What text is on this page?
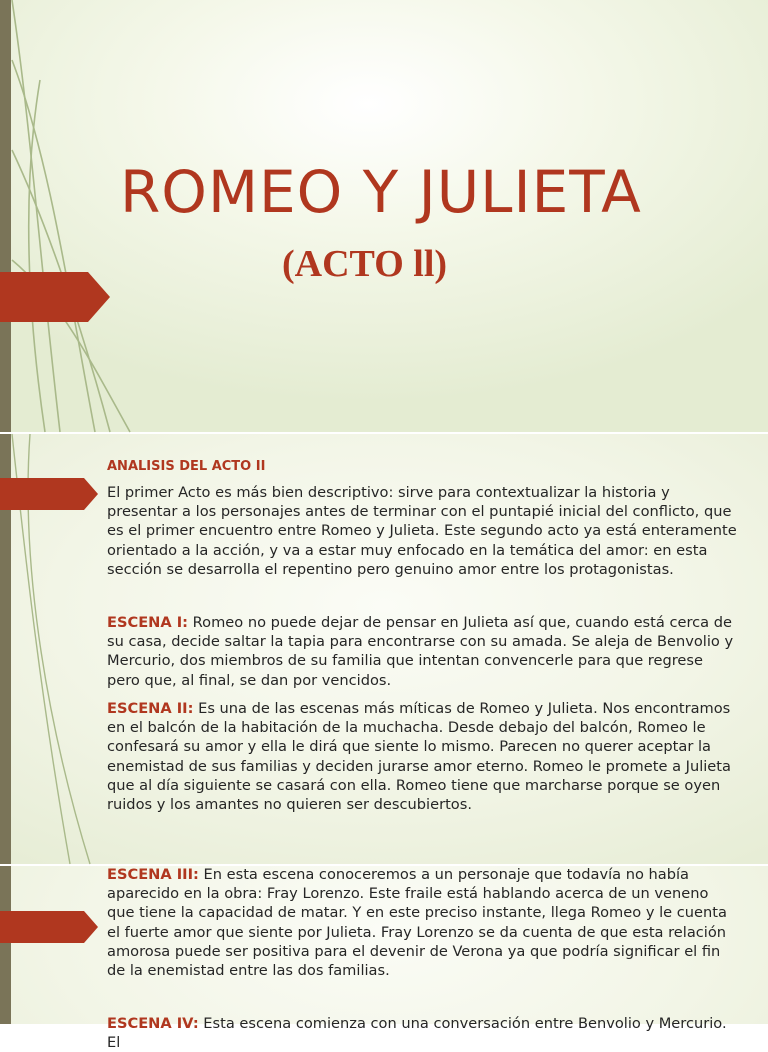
ROMEO Y JULIETA
(ACTO ll)
ANALISIS DEL ACTO II
El primer Acto es más bien descriptivo: sirve para contextualizar la historia y presentar a los personajes antes de terminar con el puntapié inicial del conflicto, que es el primer encuentro entre Romeo y Julieta. Este segundo acto ya está enteramente orientado a la acción, y va a estar muy enfocado en la temática del amor: en esta sección se desarrolla el repentino pero genuino amor entre los protagonistas.
ESCENA I: Romeo no puede dejar de pensar en Julieta así que, cuando está cerca de su casa, decide saltar la tapia para encontrarse con su amada. Se aleja de Benvolio y Mercurio, dos miembros de su familia que intentan convencerle para que regrese pero que, al final, se dan por vencidos.
ESCENA II: Es una de las escenas más míticas de Romeo y Julieta. Nos encontramos en el balcón de la habitación de la muchacha. Desde debajo del balcón, Romeo le confesará su amor y ella le dirá que siente lo mismo. Parecen no querer aceptar la enemistad de sus familias y deciden jurarse amor eterno. Romeo le promete a Julieta que al día siguiente se casará con ella. Romeo tiene que marcharse porque se oyen ruidos y los amantes no quieren ser descubiertos.
ESCENA III: En esta escena conoceremos a un personaje que todavía no había aparecido en la obra: Fray Lorenzo. Este fraile está hablando acerca de un veneno que tiene la capacidad de matar. Y en este preciso instante, llega Romeo y le cuenta el fuerte amor que siente por Julieta. Fray Lorenzo se da cuenta de que esta relación amorosa puede ser positiva para el devenir de Verona ya que podría significar el fin de la enemistad entre las dos familias.
ESCENA IV: Esta escena comienza con una conversación entre Benvolio y Mercurio. El
